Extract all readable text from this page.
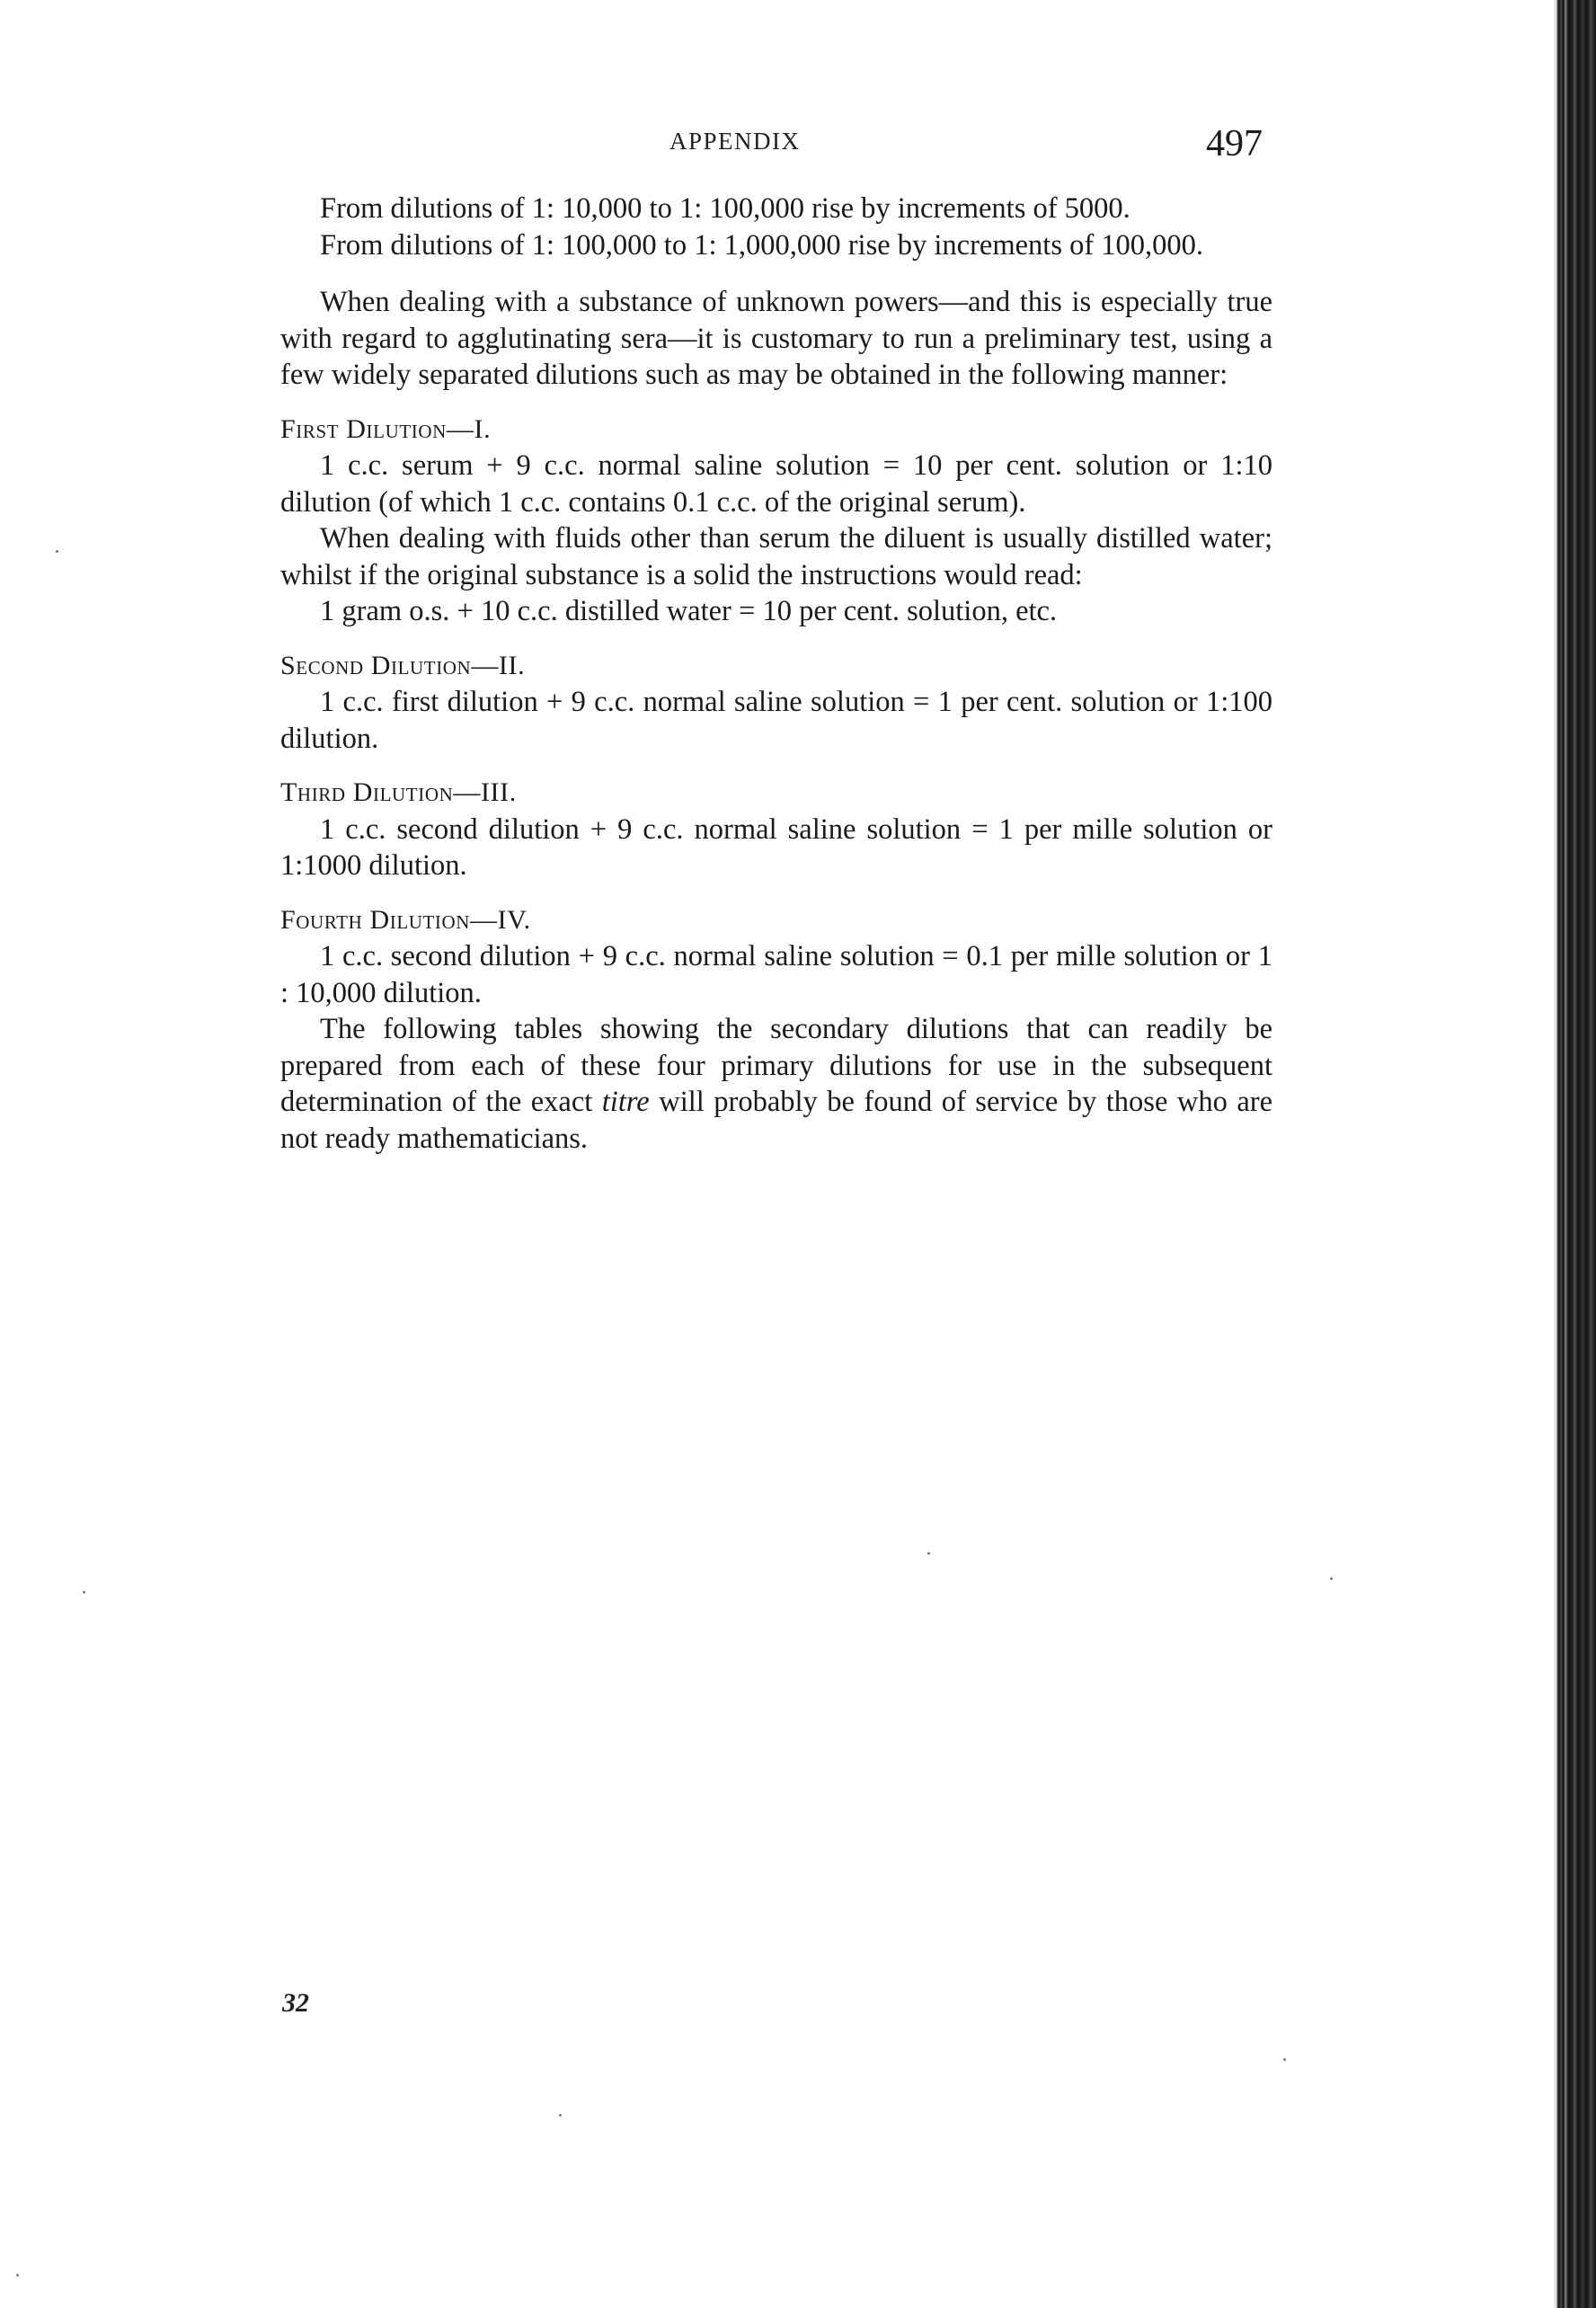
APPENDIX	497

From dilutions of 1: 10,000 to 1: 100,000 rise by increments of 5000.

From dilutions of 1: 100,000 to 1: 1,000,000 rise by increments of 100,000.

When dealing with a substance of unknown powers—and this is especially true with regard to agglutinating sera—it is customary to run a preliminary test, using a few widely separated dilutions such as may be obtained in the following manner:

First Dilution—I.

1 c.c. serum + 9 c.c. normal saline solution = 10 per cent. solution or 1:10 dilution (of which 1 c.c. contains 0.1 c.c. of the original serum).

When dealing with fluids other than serum the diluent is usually distilled water; whilst if the original substance is a solid the instructions would read:

1 gram o.s. + 10 c.c. distilled water = 10 per cent. solution, etc.

Second Dilution—II.

1 c.c. first dilution + 9 c.c. normal saline solution = 1 per cent. solution or 1:100 dilution.

Third Dilution—III.

1 c.c. second dilution + 9 c.c. normal saline solution = 1 per mille solution or 1:1000 dilution.

Fourth Dilution—IV.

1 c.c. second dilution + 9 c.c. normal saline solution = 0.1 per mille solution or 1 : 10,000 dilution.

The following tables showing the secondary dilutions that can readily be prepared from each of these four primary dilutions for use in the subsequent determination of the exact titre will probably be found of service by those who are not ready mathematicians.

32
